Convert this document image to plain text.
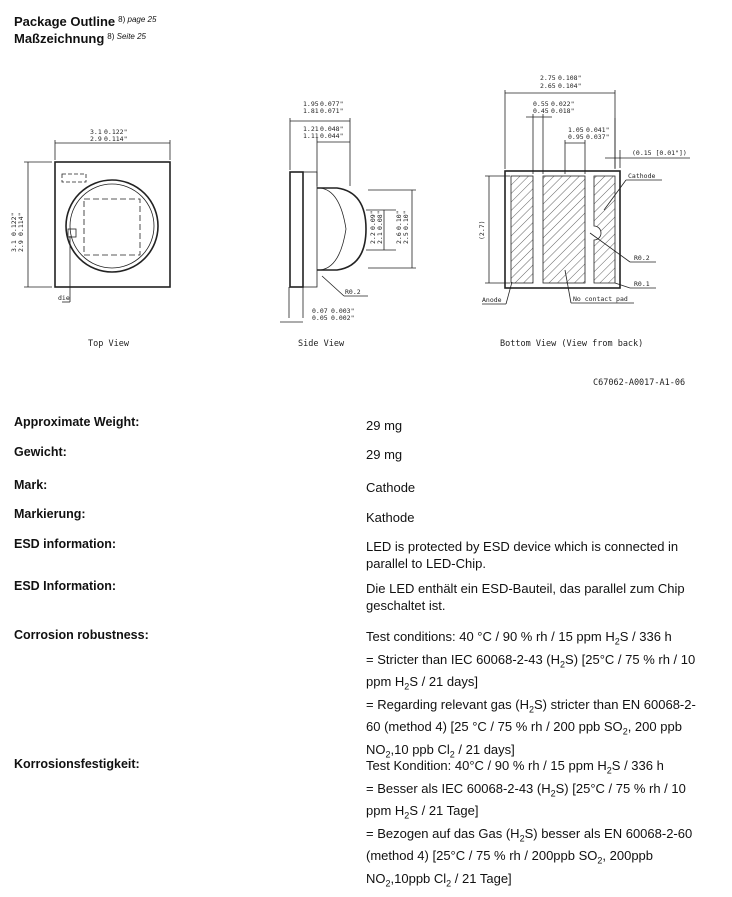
Package Outline $^{8) page 25}$
Maßzeichnung $^{8) Seite 25}$
3.1
2.9
0.122"
0.114"
3.1 2.9
0.122" 0.114"
die
Top View
1.95
1.81
0.077"
0.071"
1.21
1.11
0.048"
0.044"
2.2 2.1
0.09" 0.08"
2.6 2.5
0.10" 0.10"
R0.2
0.07
0.05
0.003"
0.002"
Side View
2.75
2.65
0.108"
0.104"
0.55
0.45
0.022"
0.018"
1.05
0.95
0.041"
0.037"
(0.15 [0.01"])
(2.7)
Cathode
R0.2
R0.1
Anode	No contact pad
Bottom View (View from back)
C67062-A0017-A1-06
Approximate Weight:	29 mg
Gewicht:	29 mg
Mark:	Cathode
Markierung:	Kathode
ESD information:	LED is protected by ESD device which is connected in parallel to LED-Chip.
ESD Information:	Die LED enthält ein ESD-Bauteil, das parallel zum Chip geschaltet ist.
Corrosion robustness:	Test conditions: 40 °C / 90 % rh / 15 ppm $H_2S / 336$ h
= Stricter than IEC 60068-2-43 $(H_2S)$ [25°C / 75 % rh / 10 ppm $H_2S / 21$ days]
= Regarding relevant gas $(H_2S)$ stricter than EN 60068-2-60 (method 4) [25 °C / 75 % rh / 200 ppb $SO_2$, 200 ppb $NO_2,10$ ppb $Cl_2 / 21$ days]
Korrosionsfestigkeit:	Test Kondition: 40°C / 90 % rh / 15 ppm $H_2S / 336$ h
= Besser als IEC 60068-2-43 $(H_2S)$ [25°C / 75 % rh / 10 ppm $H_2S / 21$ Tage]
= Bezogen auf das Gas $(H_2S)$ besser als EN 60068-2-60 (method 4) [25°C / 75 % rh / 200ppb $SO_2$, 200ppb $NO_2,10ppb$ $Cl_2 / 21$ Tage]
